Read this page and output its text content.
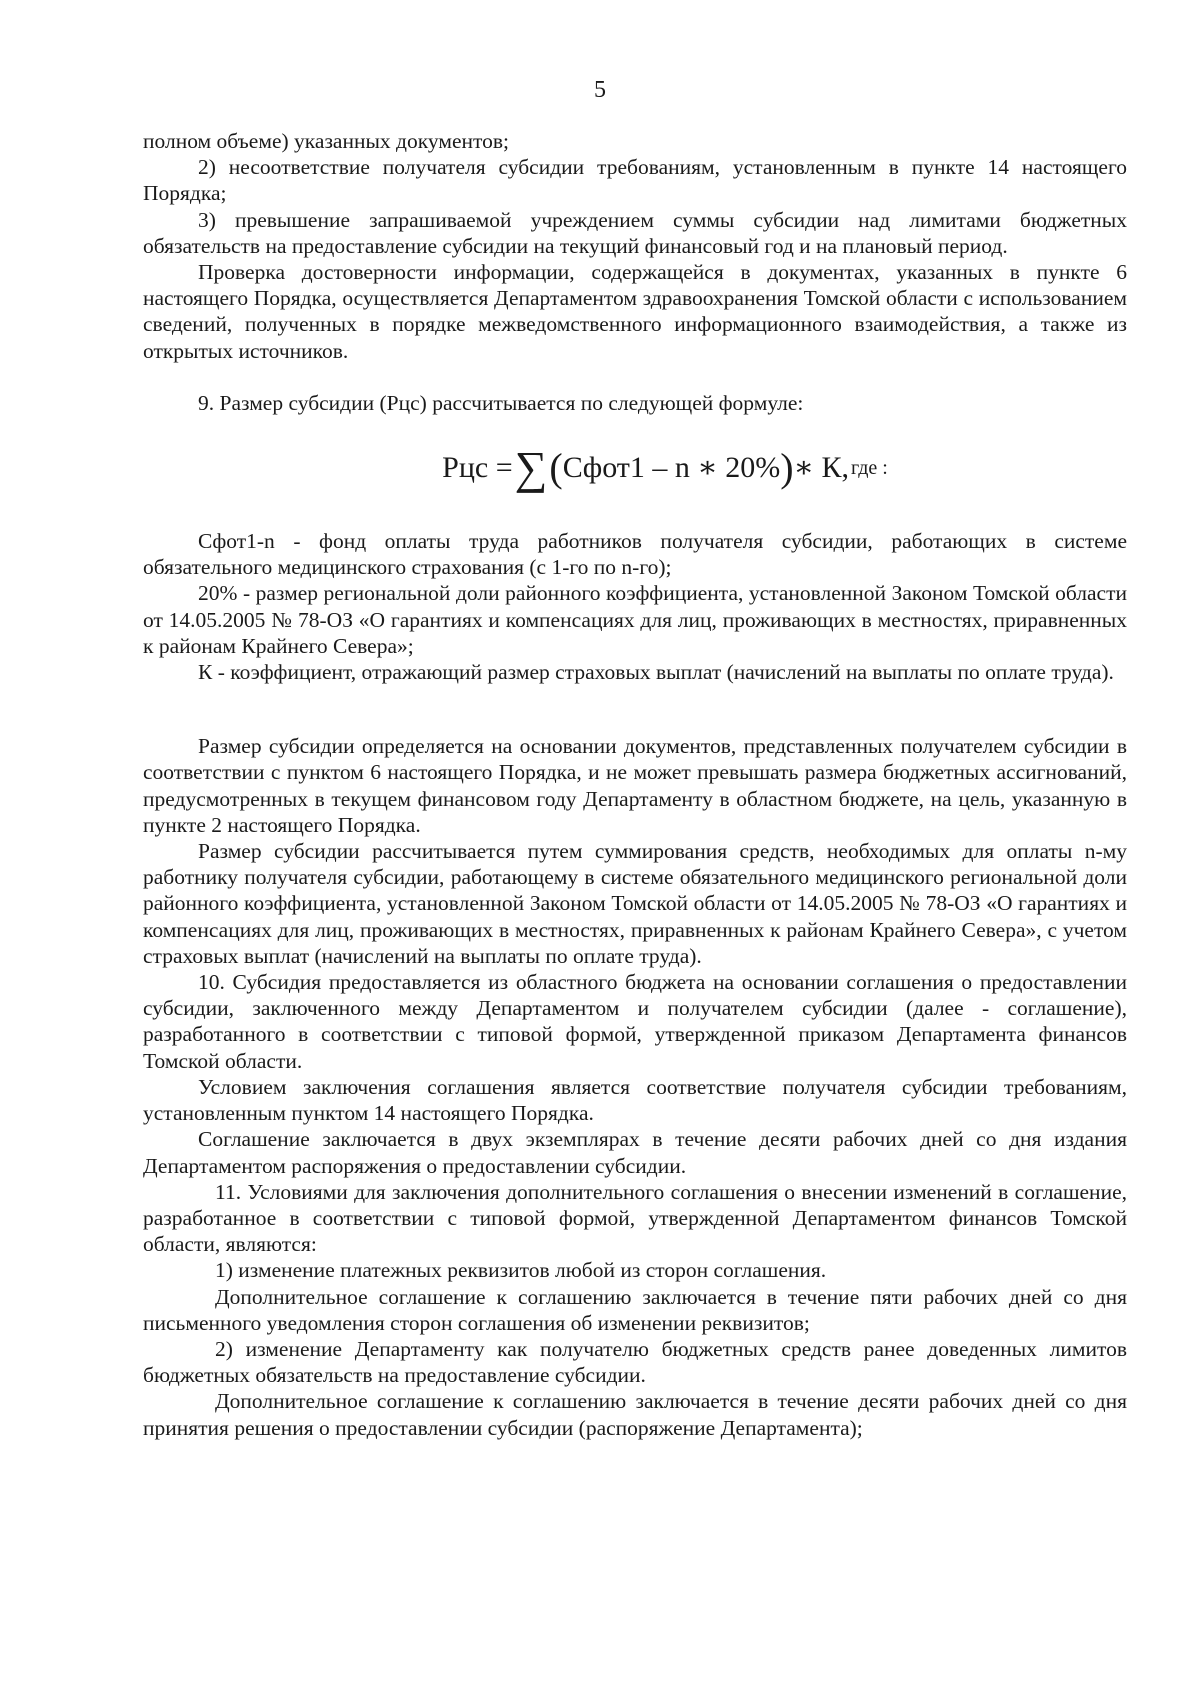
5

полном объеме) указанных документов;

2) несоответствие получателя субсидии требованиям, установленным в пункте 14 настоящего Порядка;

3) превышение запрашиваемой учреждением суммы субсидии над лимитами бюджетных обязательств на предоставление субсидии на текущий финансовый год и на плановый период.

Проверка достоверности информации, содержащейся в документах, указанных в пункте 6 настоящего Порядка, осуществляется Департаментом здравоохранения Томской области с использованием сведений, полученных в порядке межведомственного информационного взаимодействия, а также из открытых источников.

9. Размер субсидии (Рцс) рассчитывается по следующей формуле:

Рцс = ∑ ( Сфот1 – n ∗ 20% ) ∗ К, где :

Сфот1-n - фонд оплаты труда работников получателя субсидии, работающих в системе обязательного медицинского страхования (с 1-го по n-го);

20% - размер региональной доли районного коэффициента, установленной Законом Томской области от 14.05.2005 № 78-ОЗ «О гарантиях и компенсациях для лиц, проживающих в местностях, приравненных к районам Крайнего Севера»;

К - коэффициент, отражающий размер страховых выплат (начислений на выплаты по оплате труда).

Размер субсидии определяется на основании документов, представленных получателем субсидии в соответствии с пунктом 6 настоящего Порядка, и не может превышать размера бюджетных ассигнований, предусмотренных в текущем финансовом году Департаменту в областном бюджете, на цель, указанную в пункте 2 настоящего Порядка.

Размер субсидии рассчитывается путем суммирования средств, необходимых для оплаты n-му работнику получателя субсидии, работающему в системе обязательного медицинского региональной доли районного коэффициента, установленной Законом Томской области от 14.05.2005 № 78-ОЗ «О гарантиях и компенсациях для лиц, проживающих в местностях, приравненных к районам Крайнего Севера», с учетом страховых выплат (начислений на выплаты по оплате труда).

10. Субсидия предоставляется из областного бюджета на основании соглашения о предоставлении субсидии, заключенного между Департаментом и получателем субсидии (далее - соглашение), разработанного в соответствии с типовой формой, утвержденной приказом Департамента финансов Томской области.

Условием заключения соглашения является соответствие получателя субсидии требованиям, установленным пунктом 14 настоящего Порядка.

Соглашение заключается в двух экземплярах в течение десяти рабочих дней со дня издания Департаментом распоряжения о предоставлении субсидии.

11. Условиями для заключения дополнительного соглашения о внесении изменений в соглашение, разработанное в соответствии с типовой формой, утвержденной Департаментом финансов Томской области, являются:

1) изменение платежных реквизитов любой из сторон соглашения.

Дополнительное соглашение к соглашению заключается в течение пяти рабочих дней со дня письменного уведомления сторон соглашения об изменении реквизитов;

2) изменение Департаменту как получателю бюджетных средств ранее доведенных лимитов бюджетных обязательств на предоставление субсидии.

Дополнительное соглашение к соглашению заключается в течение десяти рабочих дней со дня принятия решения о предоставлении субсидии (распоряжение Департамента);
